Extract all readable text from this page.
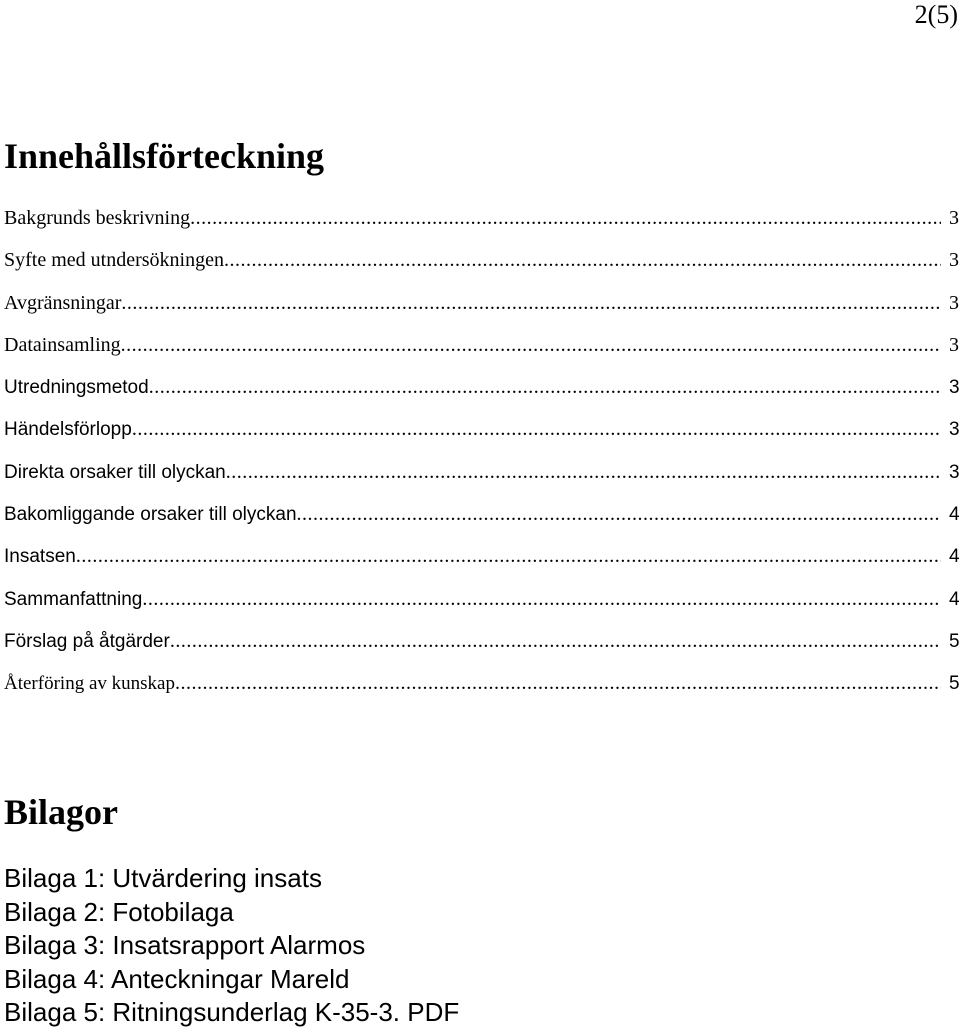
2(5)
Innehållsförteckning
Bakgrunds beskrivning .....	3
Syfte med utndersökningen .....	3
Avgränsningar .....	3
Datainsamling .....	3
Utredningsmetod .....	3
Händelsförlopp .....	3
Direkta orsaker till olyckan .....	3
Bakomliggande orsaker till olyckan .....	4
Insatsen .....	4
Sammanfattning .....	4
Förslag på åtgärder .....	5
Återföring av kunskap .....	5
Bilagor
Bilaga 1: Utvärdering insats
Bilaga 2: Fotobilaga
Bilaga 3: Insatsrapport Alarmos
Bilaga 4: Anteckningar Mareld
Bilaga 5: Ritningsunderlag K-35-3. PDF
